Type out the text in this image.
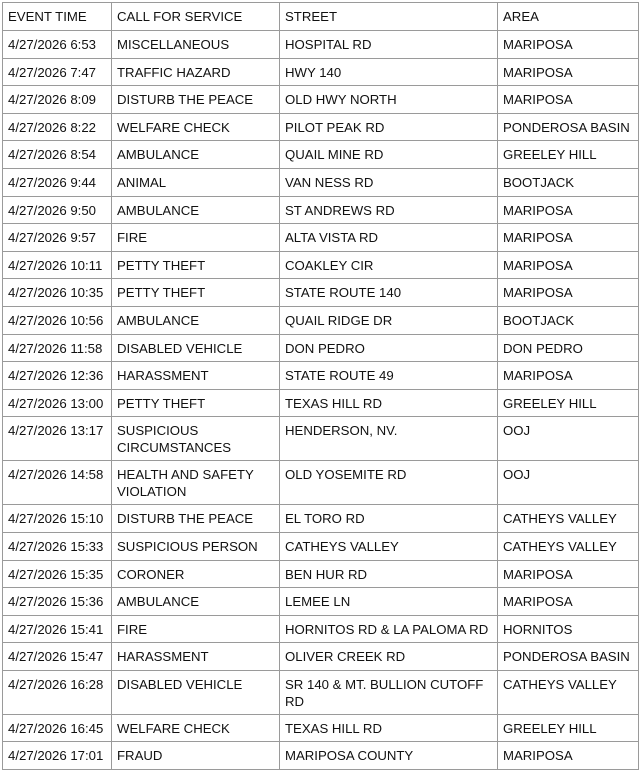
EVENT TIME	CALL FOR SERVICE	STREET	AREA
4/27/2026 6:53	MISCELLANEOUS	HOSPITAL RD	MARIPOSA
4/27/2026 7:47	TRAFFIC HAZARD	HWY 140	MARIPOSA
4/27/2026 8:09	DISTURB THE PEACE	OLD HWY NORTH	MARIPOSA
4/27/2026 8:22	WELFARE CHECK	PILOT PEAK RD	PONDEROSA BASIN
4/27/2026 8:54	AMBULANCE	QUAIL MINE RD	GREELEY HILL
4/27/2026 9:44	ANIMAL	VAN NESS RD	BOOTJACK
4/27/2026 9:50	AMBULANCE	ST ANDREWS RD	MARIPOSA
4/27/2026 9:57	FIRE	ALTA VISTA RD	MARIPOSA
4/27/2026 10:11	PETTY THEFT	COAKLEY CIR	MARIPOSA
4/27/2026 10:35	PETTY THEFT	STATE ROUTE 140	MARIPOSA
4/27/2026 10:56	AMBULANCE	QUAIL RIDGE DR	BOOTJACK
4/27/2026 11:58	DISABLED VEHICLE	DON PEDRO	DON PEDRO
4/27/2026 12:36	HARASSMENT	STATE ROUTE 49	MARIPOSA
4/27/2026 13:00	PETTY THEFT	TEXAS HILL RD	GREELEY HILL
4/27/2026 13:17	SUSPICIOUS CIRCUMSTANCES	HENDERSON, NV.	OOJ
4/27/2026 14:58	HEALTH AND SAFETY VIOLATION	OLD YOSEMITE RD	OOJ
4/27/2026 15:10	DISTURB THE PEACE	EL TORO RD	CATHEYS VALLEY
4/27/2026 15:33	SUSPICIOUS PERSON	CATHEYS VALLEY	CATHEYS VALLEY
4/27/2026 15:35	CORONER	BEN HUR RD	MARIPOSA
4/27/2026 15:36	AMBULANCE	LEMEE LN	MARIPOSA
4/27/2026 15:41	FIRE	HORNITOS RD & LA PALOMA RD	HORNITOS
4/27/2026 15:47	HARASSMENT	OLIVER CREEK RD	PONDEROSA BASIN
4/27/2026 16:28	DISABLED VEHICLE	SR 140 & MT. BULLION CUTOFF RD	CATHEYS VALLEY
4/27/2026 16:45	WELFARE CHECK	TEXAS HILL RD	GREELEY HILL
4/27/2026 17:01	FRAUD	MARIPOSA COUNTY	MARIPOSA
